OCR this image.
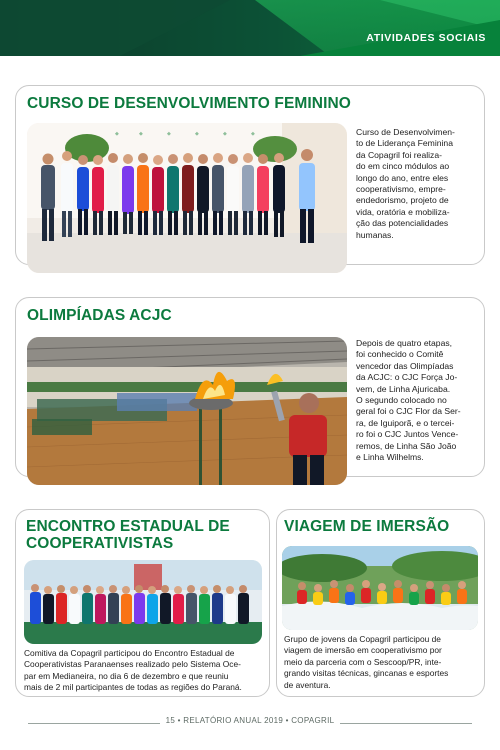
ATIVIDADES SOCIAIS
CURSO DE DESENVOLVIMENTO FEMININO
◆	◆	◆	◆	◆	◆	Curso de Desenvolvimen-
to de Liderança Feminina
da Copagril foi realiza-
do em cinco módulos ao
longo do ano, entre eles
cooperativismo, empre-
endedorismo, projeto de
vida, oratória e mobiliza-
ção das potencialidades
humanas.
OLIMPÍADAS ACJC
Depois de quatro etapas,
foi conhecido o Comitê
vencedor das Olimpíadas
da ACJC: o CJC Força Jo-
vem, de Linha Ajuricaba.
O segundo colocado no
geral foi o CJC Flor da Ser-
ra, de Iguiporã, e o tercei-
ro foi o CJC Juntos Vence-
remos, de Linha São João
e Linha Wilhelms.
ENCONTRO ESTADUAL DE
COOPERATIVISTAS
Comitiva da Copagril participou do Encontro Estadual de
Cooperativistas Paranaenses realizado pelo Sistema Oce-
par em Medianeira, no dia 6 de dezembro e que reuniu
mais de 2 mil participantes de todas as regiões do Paraná.
VIAGEM DE IMERSÃO
Grupo de jovens da Copagril participou de
viagem de imersão em cooperativismo por
meio da parceria com o Sescoop/PR, inte-
grando visitas técnicas, gincanas e esportes
de aventura.
15 • RELATÓRIO ANUAL 2019 • COPAGRIL
